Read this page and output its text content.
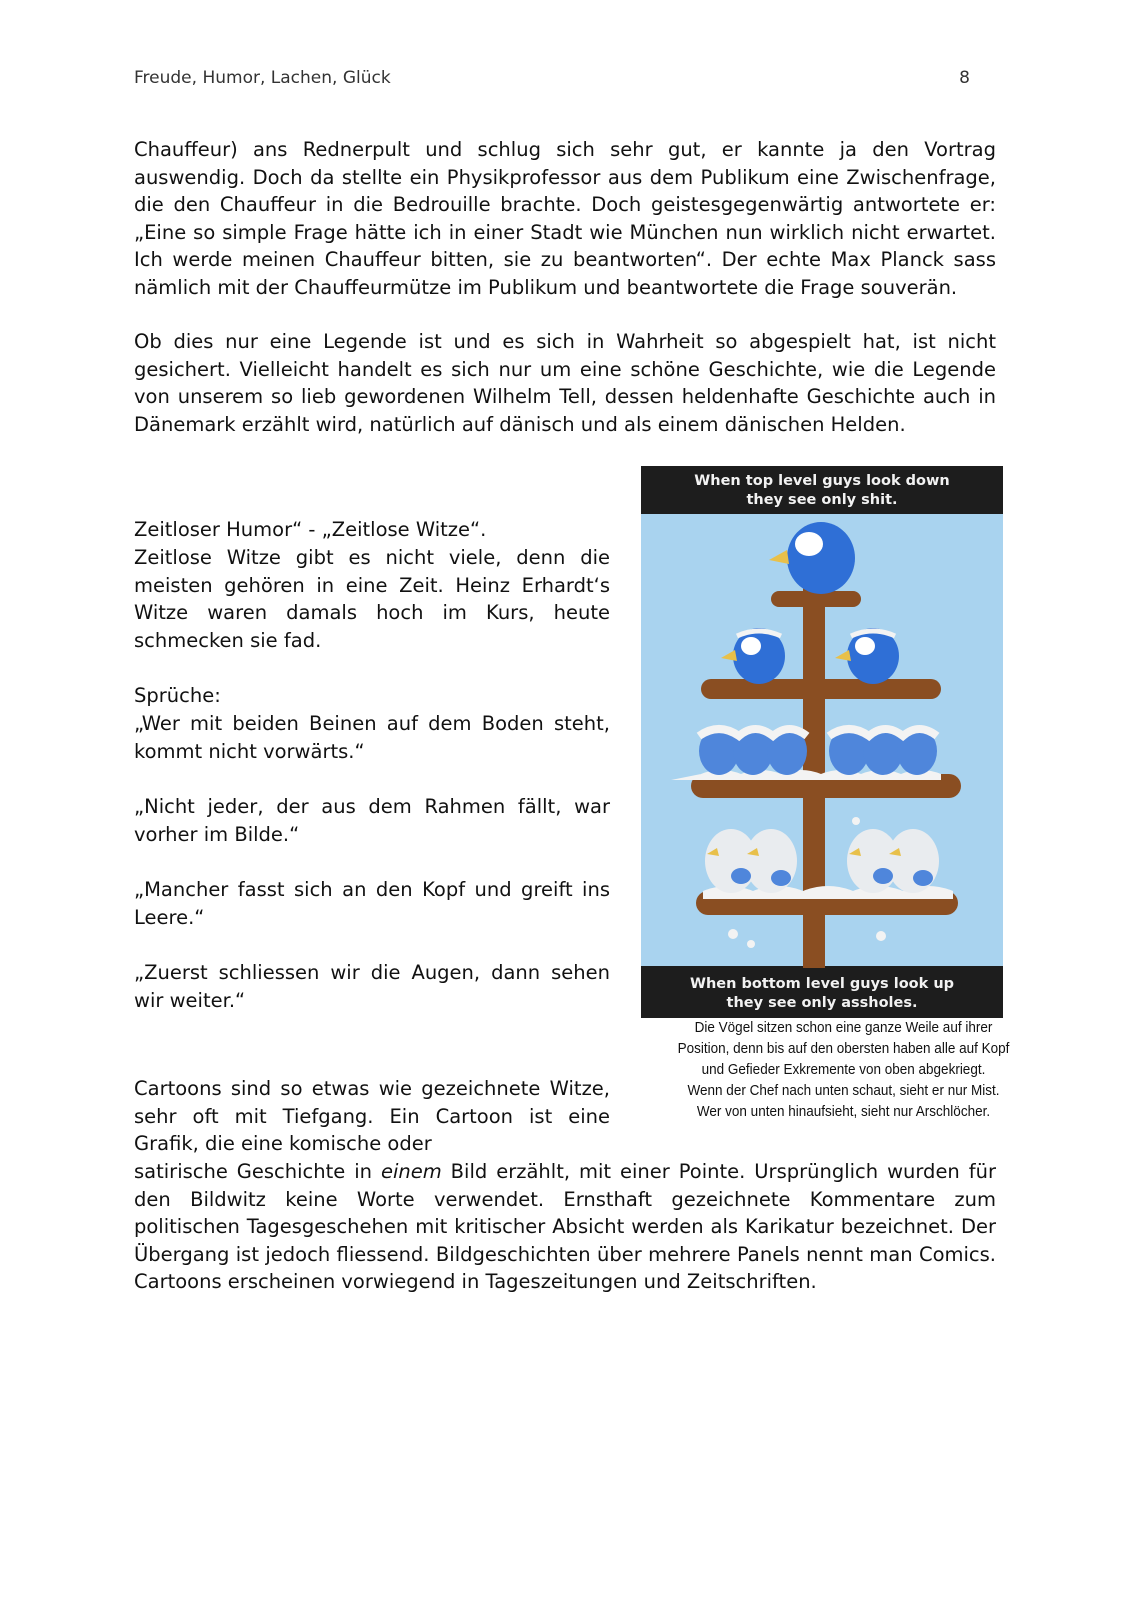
Freude, Humor, Lachen, Glück	8

Chauffeur) ans Rednerpult und schlug sich sehr gut, er kannte ja den Vortrag auswendig. Doch da stellte ein Physikprofessor aus dem Publikum eine Zwischenfrage, die den Chauffeur in die Bedrouille brachte. Doch geistesgegenwärtig antwortete er: „Eine so simple Frage hätte ich in einer Stadt wie München nun wirklich nicht erwartet. Ich werde meinen Chauffeur bitten, sie zu beantworten“. Der echte Max Planck sass nämlich mit der Chauffeurmütze im Publikum und beantwortete die Frage souverän.

Ob dies nur eine Legende ist und es sich in Wahrheit so abgespielt hat, ist nicht gesichert. Vielleicht handelt es sich nur um eine schöne Geschichte, wie die Legende von unserem so lieb gewordenen Wilhelm Tell, dessen heldenhafte Geschichte auch in Dänemark erzählt wird, natürlich auf dänisch und als einem dänischen Helden.

Zeitloser Humor“ - „Zeitlose Witze“.

Zeitlose Witze gibt es nicht viele, denn die meisten gehören in eine Zeit. Heinz Erhardt‘s Witze waren damals hoch im Kurs, heute schmecken sie fad.

Sprüche:

„Wer mit beiden Beinen auf dem Boden steht, kommt nicht vorwärts.“

„Nicht jeder, der aus dem Rahmen fällt, war vorher im Bilde.“

„Mancher fasst sich an den Kopf und greift ins Leere.“

„Zuerst schliessen wir die Augen, dann sehen wir weiter.“

Cartoons sind so etwas wie gezeichnete Witze, sehr oft mit Tiefgang. Ein Cartoon ist eine Grafik, die eine komische oder

satirische Geschichte in einem Bild erzählt, mit einer Pointe. Ursprünglich wurden für den Bildwitz keine Worte verwendet. Ernsthaft gezeichnete Kommentare zum politischen Tagesgeschehen mit kritischer Absicht werden als Karikatur bezeichnet. Der Übergang ist jedoch fliessend. Bildgeschichten über mehrere Panels nennt man Comics. Cartoons erscheinen vorwiegend in Tageszeitungen und Zeitschriften.

When top level guys look down
they see only shit.
When bottom level guys look up
they see only assholes.
Die Vögel sitzen schon eine ganze Weile auf ihrer
Position, denn bis auf den obersten haben alle auf Kopf
und Gefieder Exkremente von oben abgekriegt.
Wenn der Chef nach unten schaut, sieht er nur Mist.
Wer von unten hinaufsieht, sieht nur Arschlöcher.
